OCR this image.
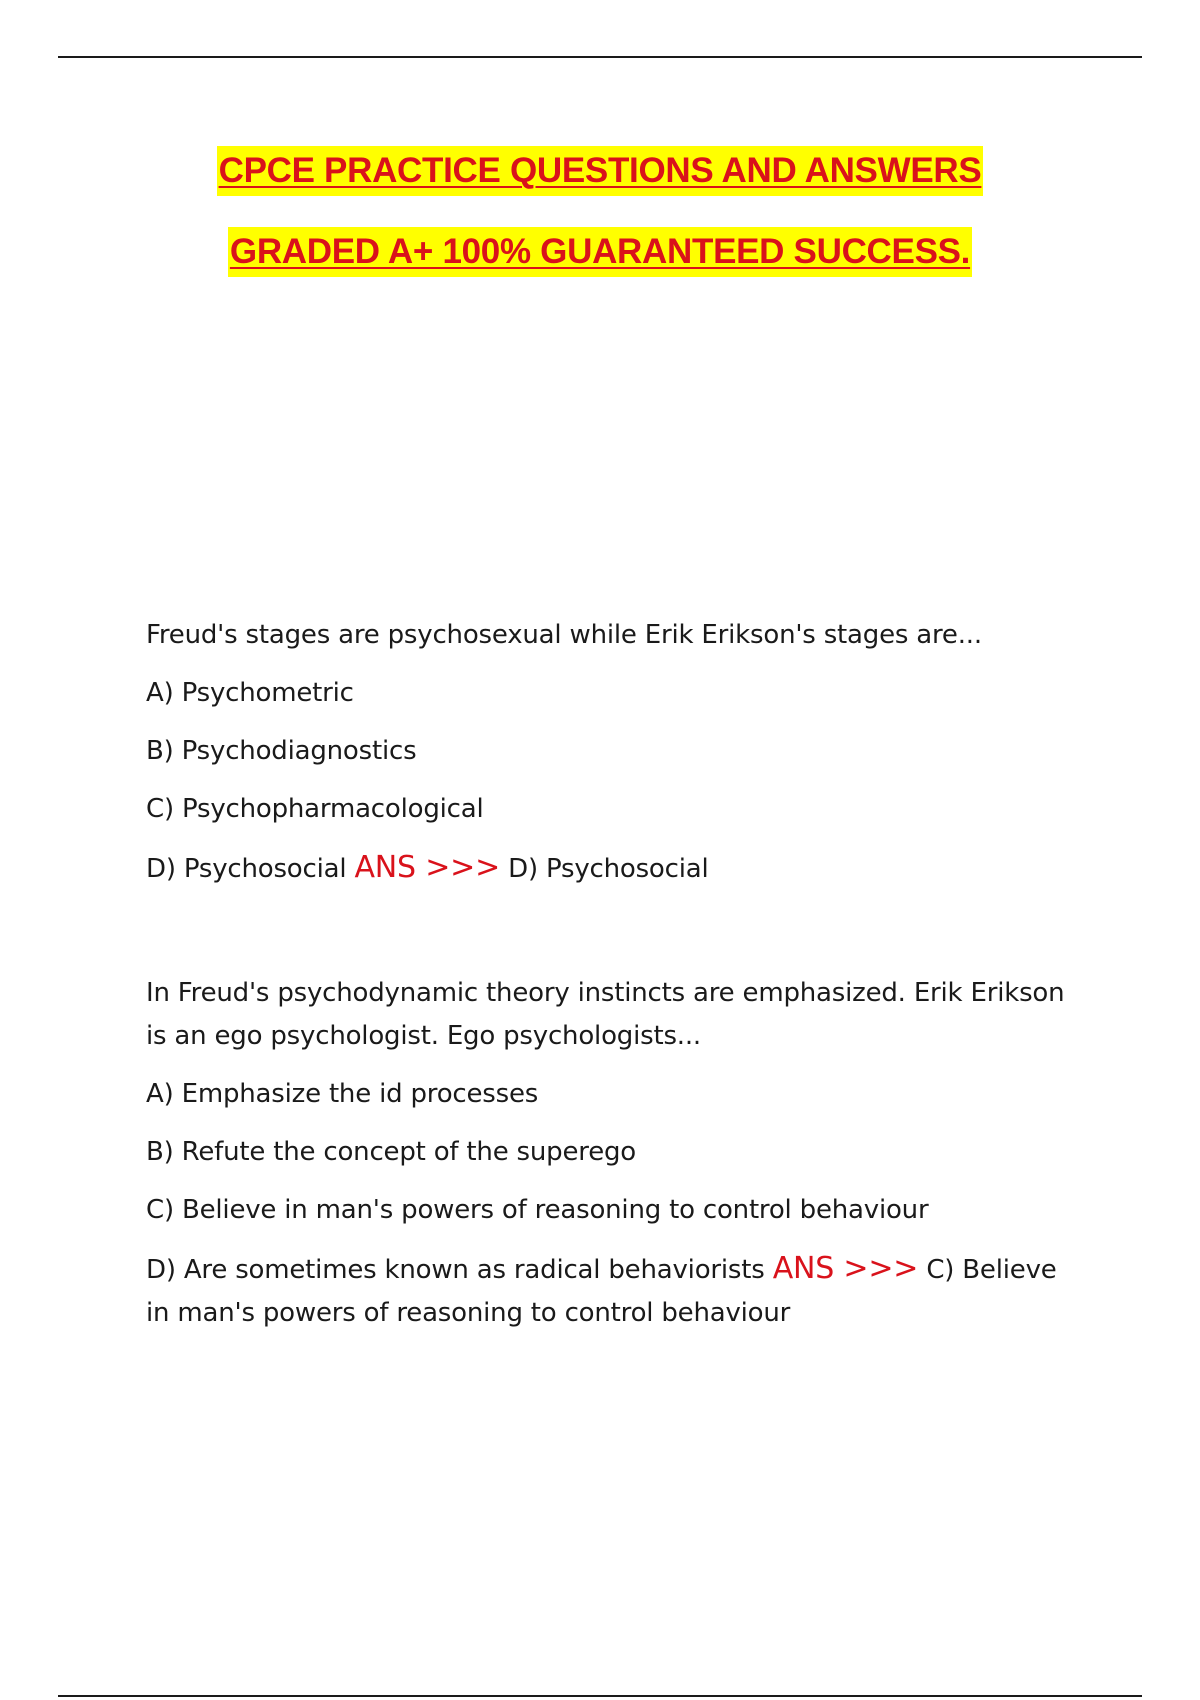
CPCE PRACTICE QUESTIONS AND ANSWERS
GRADED A+ 100% GUARANTEED SUCCESS.

Freud's stages are psychosexual while Erik Erikson's stages are...

A) Psychometric

B) Psychodiagnostics

C) Psychopharmacological

D) Psychosocial ANS >>> D) Psychosocial

In Freud's psychodynamic theory instincts are emphasized. Erik Erikson is an ego psychologist. Ego psychologists...

A) Emphasize the id processes

B) Refute the concept of the superego

C) Believe in man's powers of reasoning to control behaviour

D) Are sometimes known as radical behaviorists ANS >>> C) Believe in man's powers of reasoning to control behaviour
